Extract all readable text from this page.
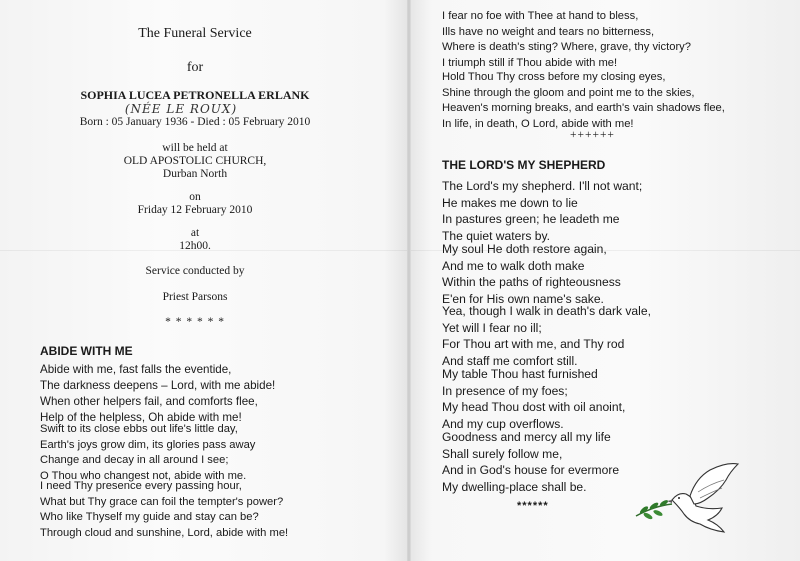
The Funeral Service
for
SOPHIA LUCEA PETRONELLA ERLANK
(NÉE LE ROUX)
Born : 05 January 1936 - Died : 05 February 2010
will be held at
OLD APOSTOLIC CHURCH,
Durban North
on
Friday 12 February 2010
at
12h00.
Service conducted by
Priest Parsons
* * * * * *
ABIDE WITH ME
Abide with me, fast falls the eventide,
The darkness deepens – Lord, with me abide!
When other helpers fail, and comforts flee,
Help of the helpless, Oh abide with me!
Swift to its close ebbs out life's little day,
Earth's joys grow dim, its glories pass away
Change and decay in all around I see;
O Thou who changest not, abide with me.
I need Thy presence every passing hour,
What but Thy grace can foil the tempter's power?
Who like Thyself my guide and stay can be?
Through cloud and sunshine, Lord, abide with me!
I fear no foe with Thee at hand to bless,
Ills have no weight and tears no bitterness,
Where is death's sting? Where, grave, thy victory?
I triumph still if Thou abide with me!
Hold Thou Thy cross before my closing eyes,
Shine through the gloom and point me to the skies,
Heaven's morning breaks, and earth's vain shadows flee,
In life, in death, O Lord, abide with me!
++++++
THE LORD'S MY SHEPHERD
The Lord's my shepherd. I'll not want;
He makes me down to lie
In pastures green; he leadeth me
The quiet waters by.
My soul He doth restore again,
And me to walk doth make
Within the paths of righteousness
E'en for His own name's sake.
Yea, though I walk in death's dark vale,
Yet will I fear no ill;
For Thou art with me, and Thy rod
And staff me comfort still.
My table Thou hast furnished
In presence of my foes;
My head Thou dost with oil anoint,
And my cup overflows.
Goodness and mercy all my life
Shall surely follow me,
And in God's house for evermore
My dwelling-place shall be.
******
